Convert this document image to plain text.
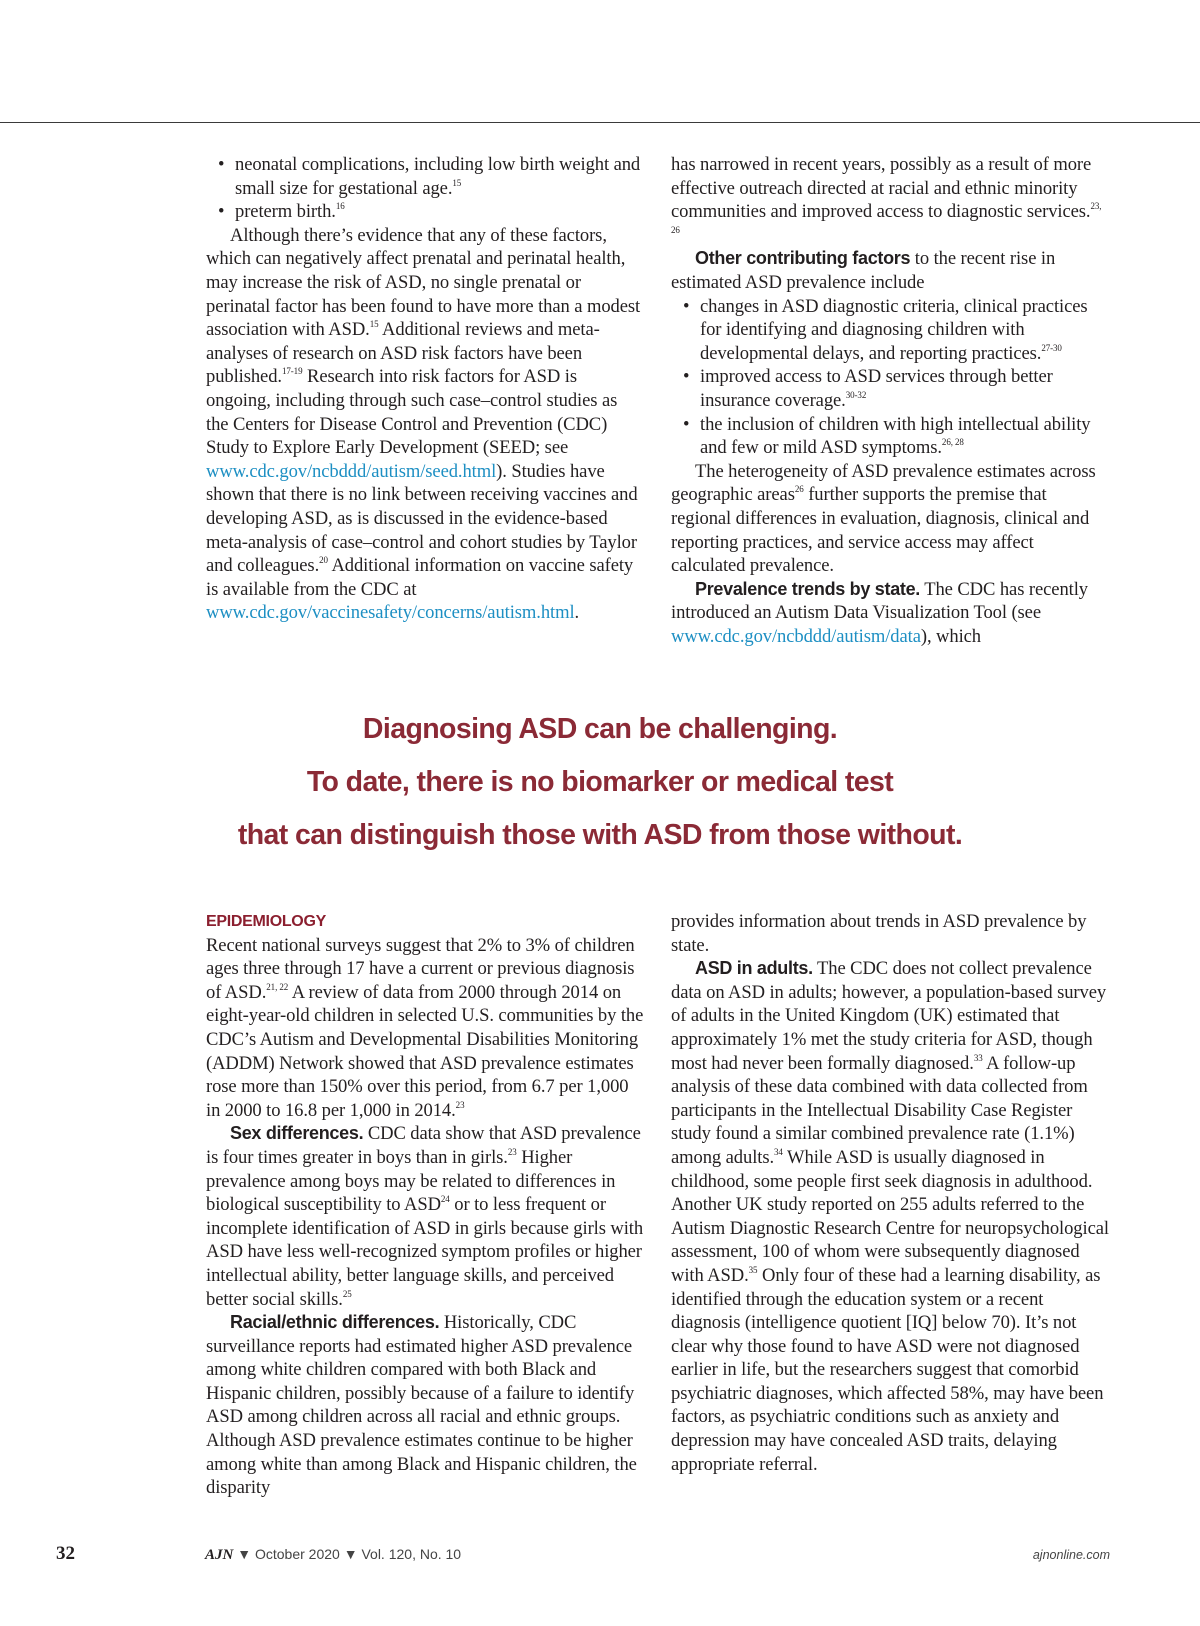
• neonatal complications, including low birth weight and small size for gestational age.$^{15}$
• preterm birth.$^{16}$

Although there’s evidence that any of these factors, which can negatively affect prenatal and perinatal health, may increase the risk of ASD, no single prenatal or perinatal factor has been found to have more than a modest association with ASD.$^{15}$ Additional reviews and meta-analyses of research on ASD risk factors have been published.$^{17-19}$ Research into risk factors for ASD is ongoing, including through such case–control studies as the Centers for Disease Control and Prevention (CDC) Study to Explore Early Development (SEED; see www.cdc.gov/ncbddd/autism/seed.html). Studies have shown that there is no link between receiving vaccines and developing ASD, as is discussed in the evidence-based meta-analysis of case–control and cohort studies by Taylor and colleagues.$^{20}$ Additional information on vaccine safety is available from the CDC at www.cdc.gov/vaccinesafety/concerns/autism.html.

has narrowed in recent years, possibly as a result of more effective outreach directed at racial and ethnic minority communities and improved access to diagnostic services.$^{23, 26}$

Other contributing factors to the recent rise in estimated ASD prevalence include

• changes in ASD diagnostic criteria, clinical practices for identifying and diagnosing children with developmental delays, and reporting practices.$^{27-30}$
• improved access to ASD services through better insurance coverage.$^{30-32}$
• the inclusion of children with high intellectual ability and few or mild ASD symptoms.$^{26, 28}$

The heterogeneity of ASD prevalence estimates across geographic areas$^{26}$ further supports the premise that regional differences in evaluation, diagnosis, clinical and reporting practices, and service access may affect calculated prevalence.

Prevalence trends by state. The CDC has recently introduced an Autism Data Visualization Tool (see www.cdc.gov/ncbddd/autism/data), which

Diagnosing ASD can be challenging.
To date, there is no biomarker or medical test
that can distinguish those with ASD from those without.

EPIDEMIOLOGY

Recent national surveys suggest that 2% to 3% of children ages three through 17 have a current or previous diagnosis of ASD.$^{21, 22}$ A review of data from 2000 through 2014 on eight-year-old children in selected U.S. communities by the CDC’s Autism and Developmental Disabilities Monitoring (ADDM) Network showed that ASD prevalence estimates rose more than 150% over this period, from 6.7 per 1,000 in 2000 to 16.8 per 1,000 in 2014.23

Sex differences. CDC data show that ASD prevalence is four times greater in boys than in girls.$^{23}$ Higher prevalence among boys may be related to differences in biological susceptibility to ASD$^{24}$ or to less frequent or incomplete identification of ASD in girls because girls with ASD have less well-recognized symptom profiles or higher intellectual ability, better language skills, and perceived better social skills.$^{25}$

Racial/ethnic differences. Historically, CDC surveillance reports had estimated higher ASD prevalence among white children compared with both Black and Hispanic children, possibly because of a failure to identify ASD among children across all racial and ethnic groups. Although ASD prevalence estimates continue to be higher among white than among Black and Hispanic children, the disparity

provides information about trends in ASD prevalence by state.

ASD in adults. The CDC does not collect prevalence data on ASD in adults; however, a population-based survey of adults in the United Kingdom (UK) estimated that approximately 1% met the study criteria for ASD, though most had never been formally diagnosed.$^{33}$ A follow-up analysis of these data combined with data collected from participants in the Intellectual Disability Case Register study found a similar combined prevalence rate (1.1%) among adults.$^{34}$ While ASD is usually diagnosed in childhood, some people first seek diagnosis in adulthood. Another UK study reported on 255 adults referred to the Autism Diagnostic Research Centre for neuropsychological assessment, 100 of whom were subsequently diagnosed with ASD.$^{35}$ Only four of these had a learning disability, as identified through the education system or a recent diagnosis (intelligence quotient [IQ] below 70). It’s not clear why those found to have ASD were not diagnosed earlier in life, but the researchers suggest that comorbid psychiatric diagnoses, which affected 58%, may have been factors, as psychiatric conditions such as anxiety and depression may have concealed ASD traits, delaying appropriate referral.

32	AJN ▼ October 2020 ▼ Vol. 120, No. 10	ajnonline.com
